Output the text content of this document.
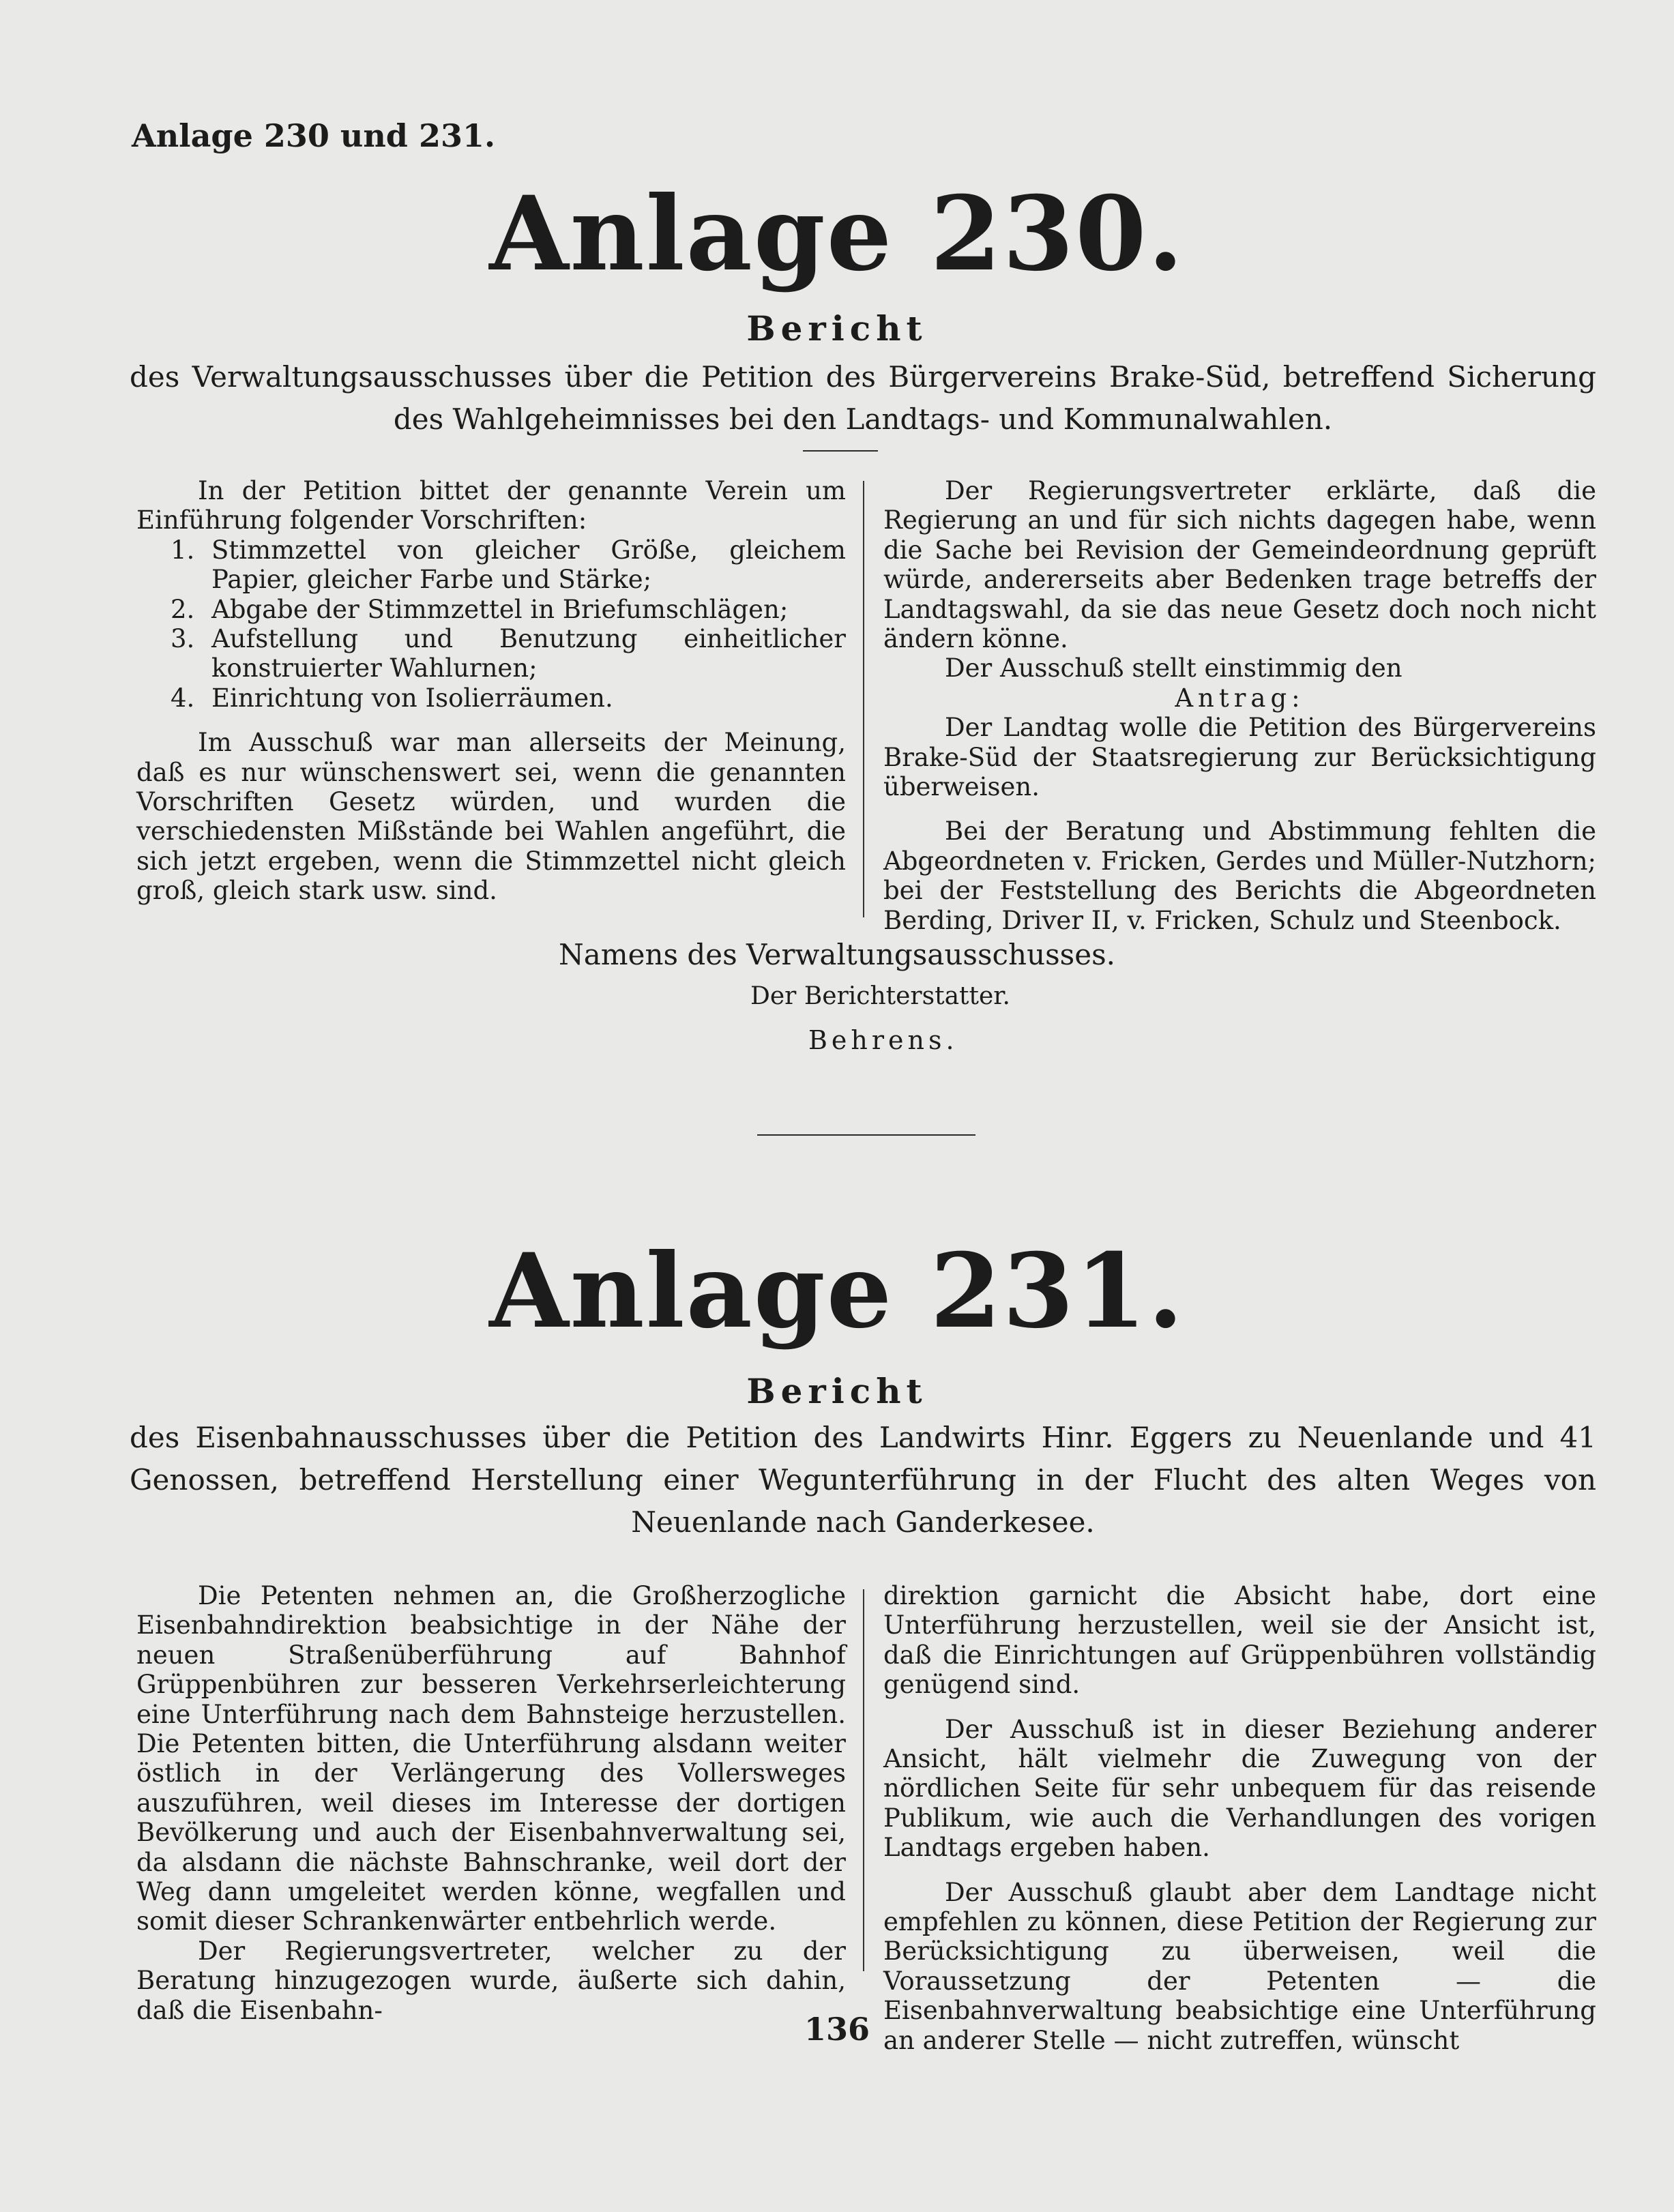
Anlage 230 und 231.
Anlage 230.
Bericht
des Verwaltungsausschusses über die Petition des Bürgervereins Brake-Süd, betreffend Sicherung des Wahlgeheimnisses bei den Landtags- und Kommunalwahlen.

In der Petition bittet der genannte Verein um Einführung folgender Vorschriften:

1. Stimmzettel von gleicher Größe, gleichem Papier, gleicher Farbe und Stärke;
2. Abgabe der Stimmzettel in Briefumschlägen;
3. Aufstellung und Benutzung einheitlicher konstruierter Wahlurnen;
4. Einrichtung von Isolierräumen.

Im Ausschuß war man allerseits der Meinung, daß es nur wünschenswert sei, wenn die genannten Vorschriften Gesetz würden, und wurden die verschiedensten Mißstände bei Wahlen angeführt, die sich jetzt ergeben, wenn die Stimmzettel nicht gleich groß, gleich stark usw. sind.

Der Regierungsvertreter erklärte, daß die Regierung an und für sich nichts dagegen habe, wenn die Sache bei Revision der Gemeindeordnung geprüft würde, andererseits aber Bedenken trage betreffs der Landtagswahl, da sie das neue Gesetz doch noch nicht ändern könne.

Der Ausschuß stellt einstimmig den

Antrag:

Der Landtag wolle die Petition des Bürgervereins Brake-Süd der Staatsregierung zur Berücksichtigung überweisen.

Bei der Beratung und Abstimmung fehlten die Abgeordneten v. Fricken, Gerdes und Müller-Nutzhorn; bei der Feststellung des Berichts die Abgeordneten Berding, Driver II, v. Fricken, Schulz und Steenbock.

Namens des Verwaltungsausschusses.
Der Berichterstatter.
Behrens.
Anlage 231.
Bericht
des Eisenbahnausschusses über die Petition des Landwirts Hinr. Eggers zu Neuenlande und 41 Genossen, betreffend Herstellung einer Wegunterführung in der Flucht des alten Weges von Neuenlande nach Ganderkesee.

Die Petenten nehmen an, die Großherzogliche Eisenbahndirektion beabsichtige in der Nähe der neuen Straßenüberführung auf Bahnhof Grüppenbühren zur besseren Verkehrserleichterung eine Unterführung nach dem Bahnsteige herzustellen. Die Petenten bitten, die Unterführung alsdann weiter östlich in der Verlängerung des Vollersweges auszuführen, weil dieses im Interesse der dortigen Bevölkerung und auch der Eisenbahnverwaltung sei, da alsdann die nächste Bahnschranke, weil dort der Weg dann umgeleitet werden könne, wegfallen und somit dieser Schrankenwärter entbehrlich werde.

Der Regierungsvertreter, welcher zu der Beratung hinzugezogen wurde, äußerte sich dahin, daß die Eisenbahn-

direktion garnicht die Absicht habe, dort eine Unterführung herzustellen, weil sie der Ansicht ist, daß die Einrichtungen auf Grüppenbühren vollständig genügend sind.

Der Ausschuß ist in dieser Beziehung anderer Ansicht, hält vielmehr die Zuwegung von der nördlichen Seite für sehr unbequem für das reisende Publikum, wie auch die Verhandlungen des vorigen Landtags ergeben haben.

Der Ausschuß glaubt aber dem Landtage nicht empfehlen zu können, diese Petition der Regierung zur Berücksichtigung zu überweisen, weil die Voraussetzung der Petenten — die Eisenbahnverwaltung beabsichtige eine Unterführung an anderer Stelle — nicht zutreffen, wünscht

136
